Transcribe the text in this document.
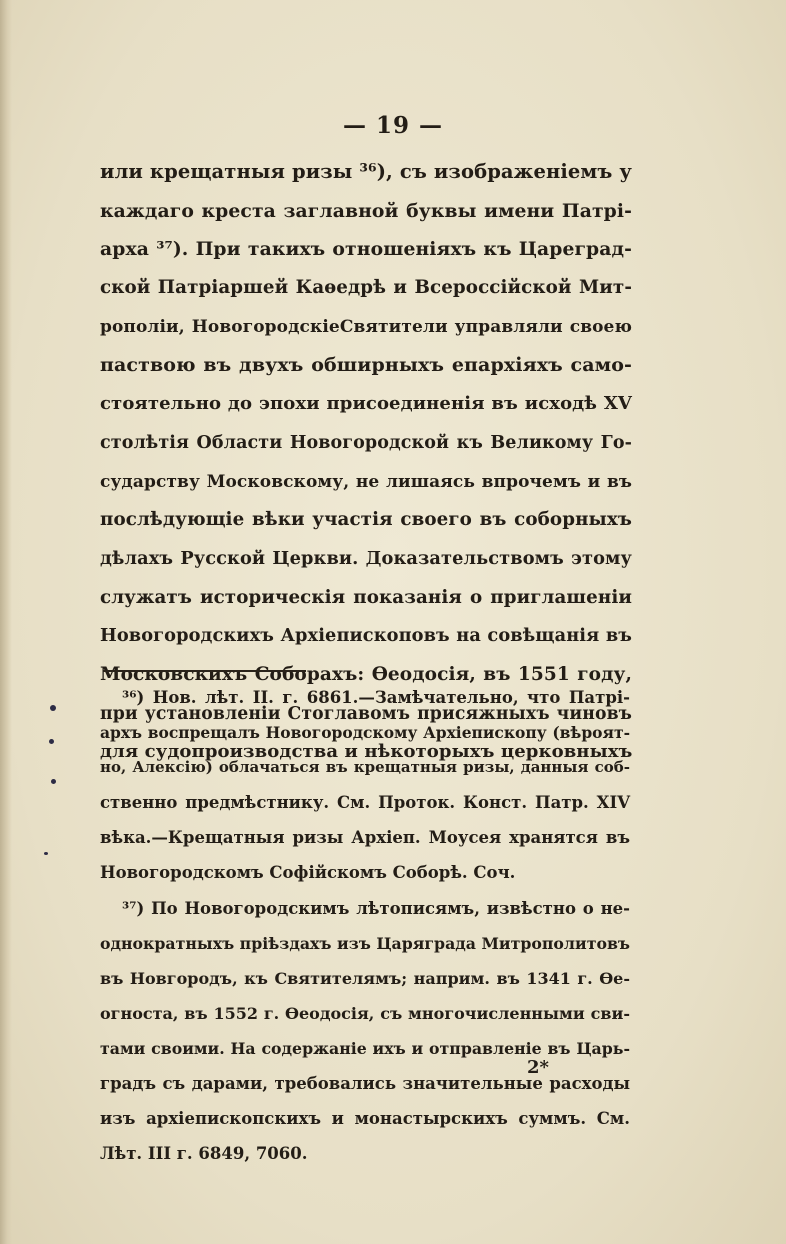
— 19 —
или крещатныя ризы ³⁶), съ изображеніемъ у
каждаго креста заглавной буквы имени Патрі-
арха ³⁷). При такихъ отношеніяхъ къ Цареград-
ской Патріаршей Каѳедрѣ и Всероссійской Мит-
рополіи, НовогородскіеСвятители управляли своею
паствою въ двухъ обширныхъ епархіяхъ само-
стоятельно до эпохи присоединенія въ исходѣ XV
столѣтія Области Новогородской къ Великому Го-
сударству Московскому, не лишаясь впрочемъ и въ
послѣдующіе вѣки участія своего въ соборныхъ
дѣлахъ Русской Церкви. Доказательствомъ этому
служатъ историческія показанія о приглашеніи
Новогородскихъ Архіепископовъ на совѣщанія въ
Московскихъ Соборахъ: Ѳеодосія, въ 1551 году,
при установленіи Стоглавомъ присяжныхъ чиновъ
для судопроизводства и нѣкоторыхъ церковныхъ
³⁶) Нов. лѣт. II. г. 6861.—Замѣчательно, что Патрі-
архъ воспрещалъ Новогородскому Архіепископу (вѣроят-
но, Алексію) облачаться въ крещатныя ризы, данныя соб-
ственно предмѣстнику. См. Проток. Конст. Патр. XIV
вѣка.—Крещатныя ризы Архіеп. Моусея хранятся въ
Новогородскомъ Софійскомъ Соборѣ. Соч.
³⁷) По Новогородскимъ лѣтописямъ, извѣстно о не-
однократныхъ пріѣздахъ изъ Царяграда Митрополитовъ
въ Новгородъ, къ Святителямъ; наприм. въ 1341 г. Ѳе-
огноста, въ 1552 г. Ѳеодосія, съ многочисленными сви-
тами своими. На содержаніе ихъ и отправленіе въ Царь-
градъ съ дарами, требовались значительные расходы
изъ архіепископскихъ и монастырскихъ суммъ. См.
Лѣт. III г. 6849, 7060.
2*
